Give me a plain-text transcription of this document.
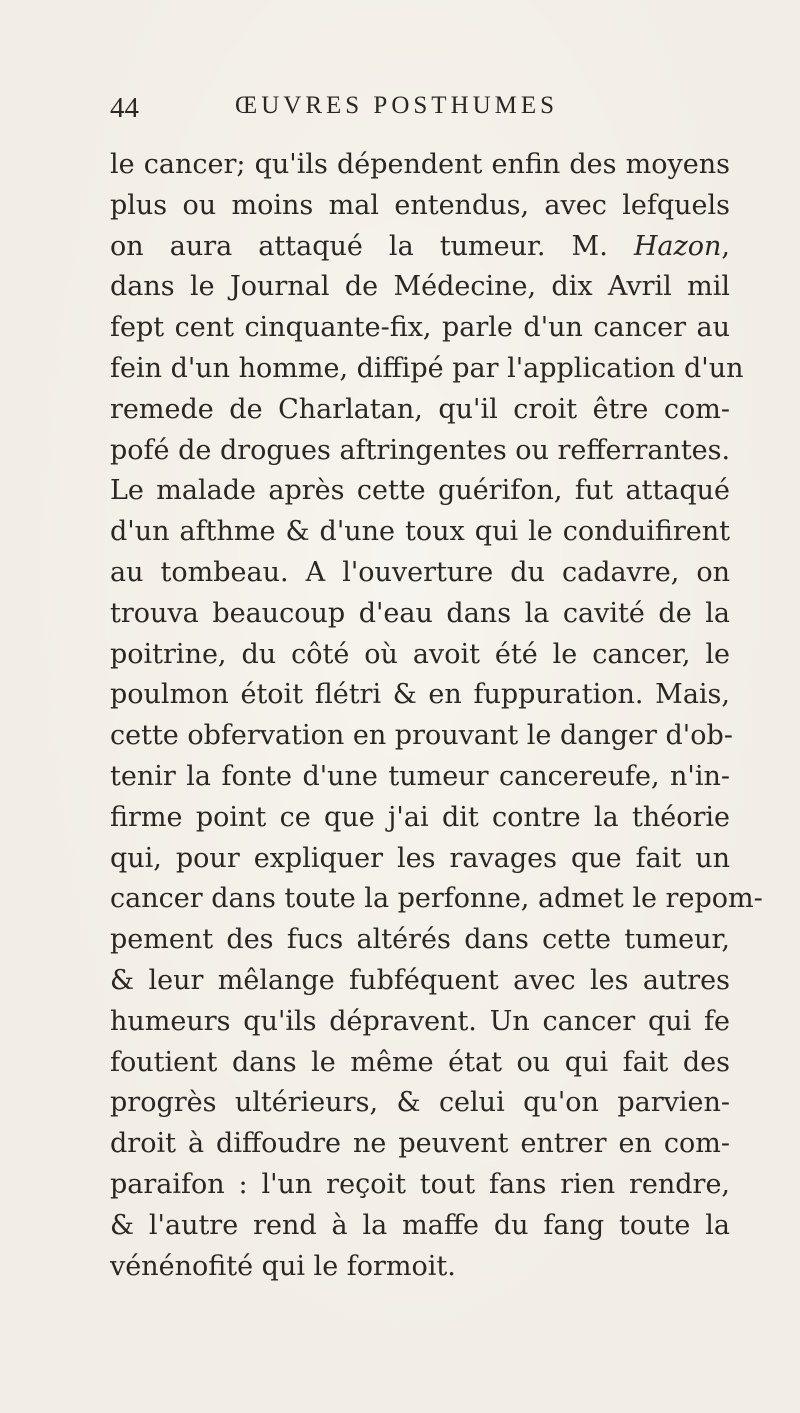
44	ŒUVRES POSTHUMES
le cancer; qu'ils dépendent enfin des moyens
plus ou moins mal entendus, avec lefquels
on aura attaqué la tumeur. M. Hazon,
dans le Journal de Médecine, dix Avril mil
fept cent cinquante-fix, parle d'un cancer au
fein d'un homme, diffipé par l'application d'un
remede de Charlatan, qu'il croit être com-
pofé de drogues aftringentes ou refferrantes.
Le malade après cette guérifon, fut attaqué
d'un afthme & d'une toux qui le conduifirent
au tombeau. A l'ouverture du cadavre, on
trouva beaucoup d'eau dans la cavité de la
poitrine, du côté où avoit été le cancer, le
poulmon étoit flétri & en fuppuration. Mais,
cette obfervation en prouvant le danger d'ob-
tenir la fonte d'une tumeur cancereufe, n'in-
firme point ce que j'ai dit contre la théorie
qui, pour expliquer les ravages que fait un
cancer dans toute la perfonne, admet le repom-
pement des fucs altérés dans cette tumeur,
& leur mêlange fubféquent avec les autres
humeurs qu'ils dépravent. Un cancer qui fe
foutient dans le même état ou qui fait des
progrès ultérieurs, & celui qu'on parvien-
droit à diffoudre ne peuvent entrer en com-
paraifon : l'un reçoit tout fans rien rendre,
& l'autre rend à la maffe du fang toute la
vénénofité qui le formoit.
